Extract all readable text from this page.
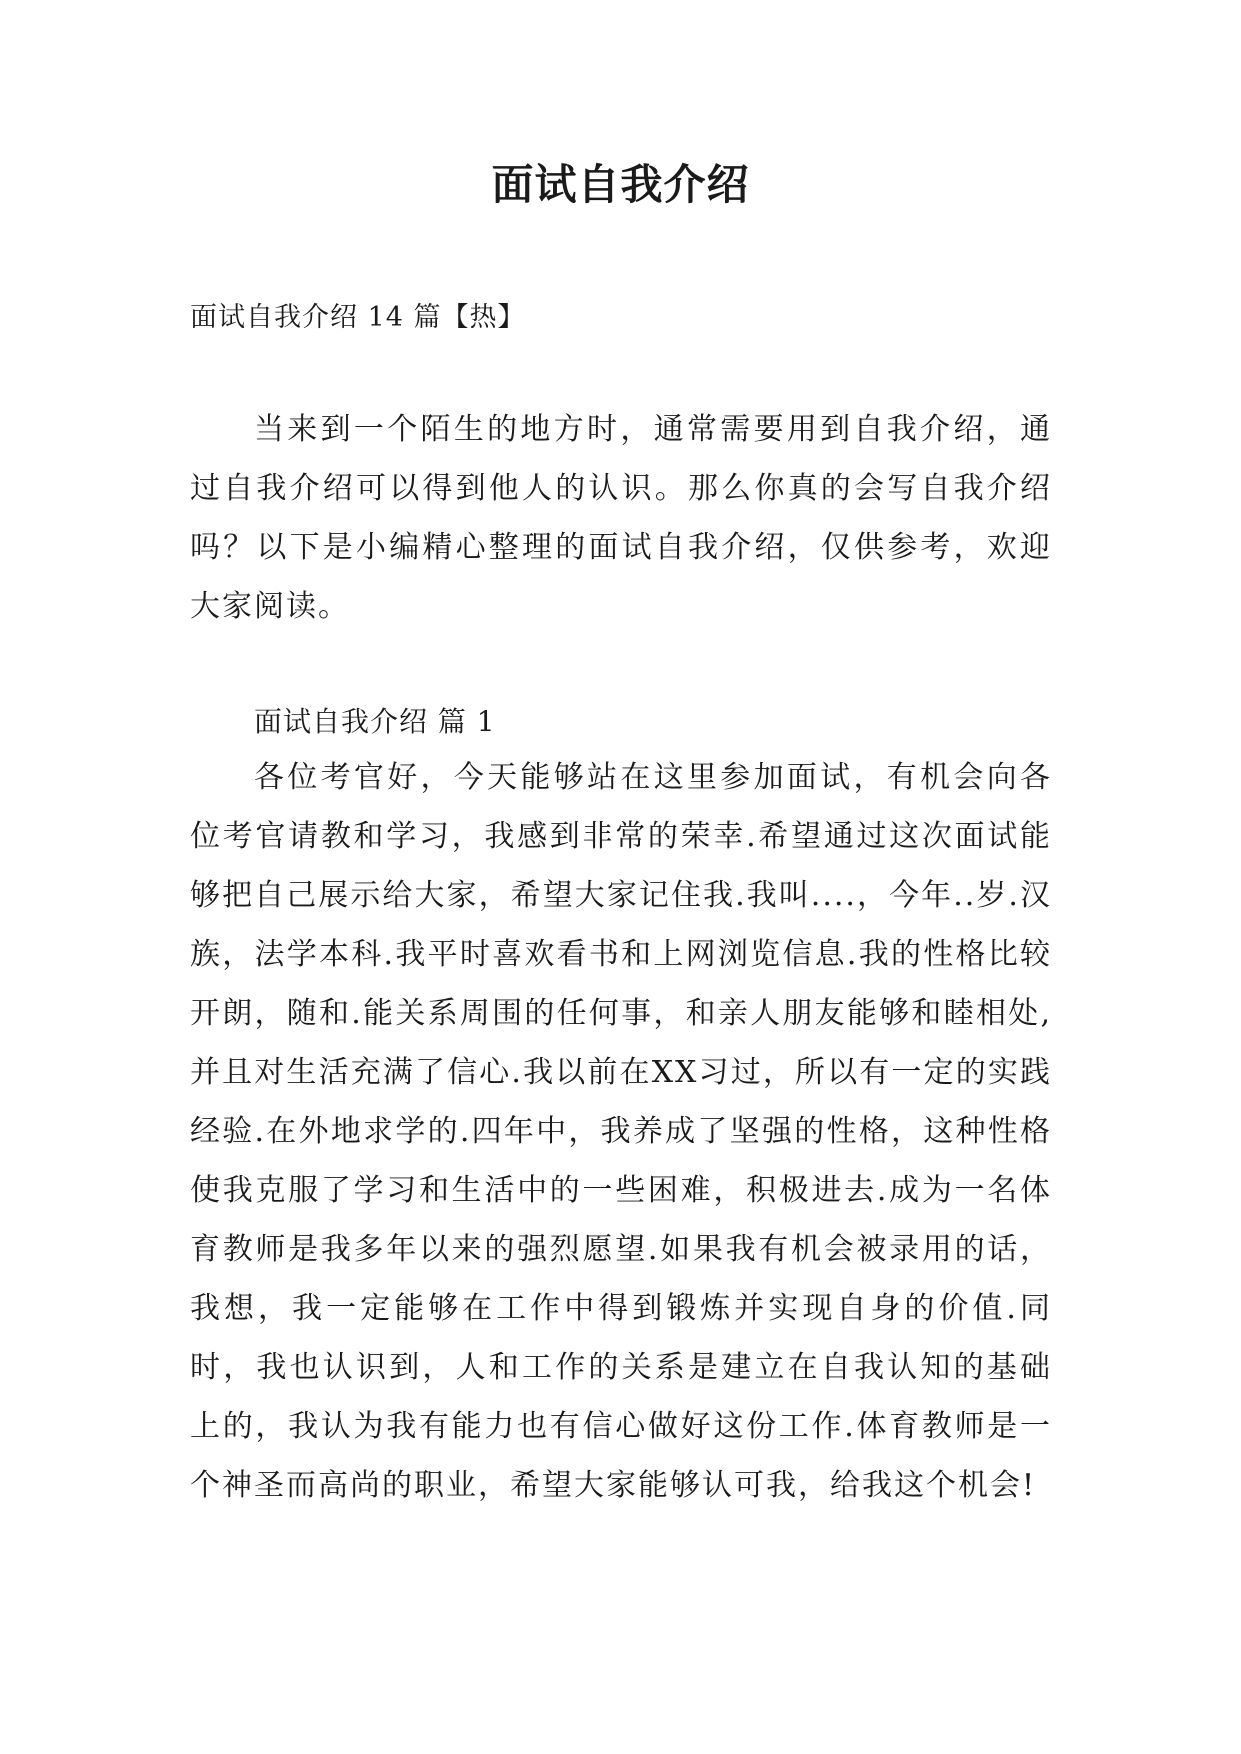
面试自我介绍

面试自我介绍 14 篇【热】

当来到一个陌生的地方时，通常需要用到自我介绍，通过自我介绍可以得到他人的认识。那么你真的会写自我介绍吗？以下是小编精心整理的面试自我介绍，仅供参考，欢迎大家阅读。

面试自我介绍 篇 1

各位考官好，今天能够站在这里参加面试，有机会向各位考官请教和学习，我感到非常的荣幸.希望通过这次面试能够把自己展示给大家，希望大家记住我.我叫....，今年..岁.汉族，法学本科.我平时喜欢看书和上网浏览信息.我的性格比较开朗，随和.能关系周围的任何事，和亲人朋友能够和睦相处,并且对生活充满了信心.我以前在XX习过，所以有一定的实践经验.在外地求学的.四年中，我养成了坚强的性格，这种性格使我克服了学习和生活中的一些困难，积极进去.成为一名体育教师是我多年以来的强烈愿望.如果我有机会被录用的话，我想，我一定能够在工作中得到锻炼并实现自身的价值.同时，我也认识到，人和工作的关系是建立在自我认知的基础上的，我认为我有能力也有信心做好这份工作.体育教师是一个神圣而高尚的职业，希望大家能够认可我，给我这个机会!
